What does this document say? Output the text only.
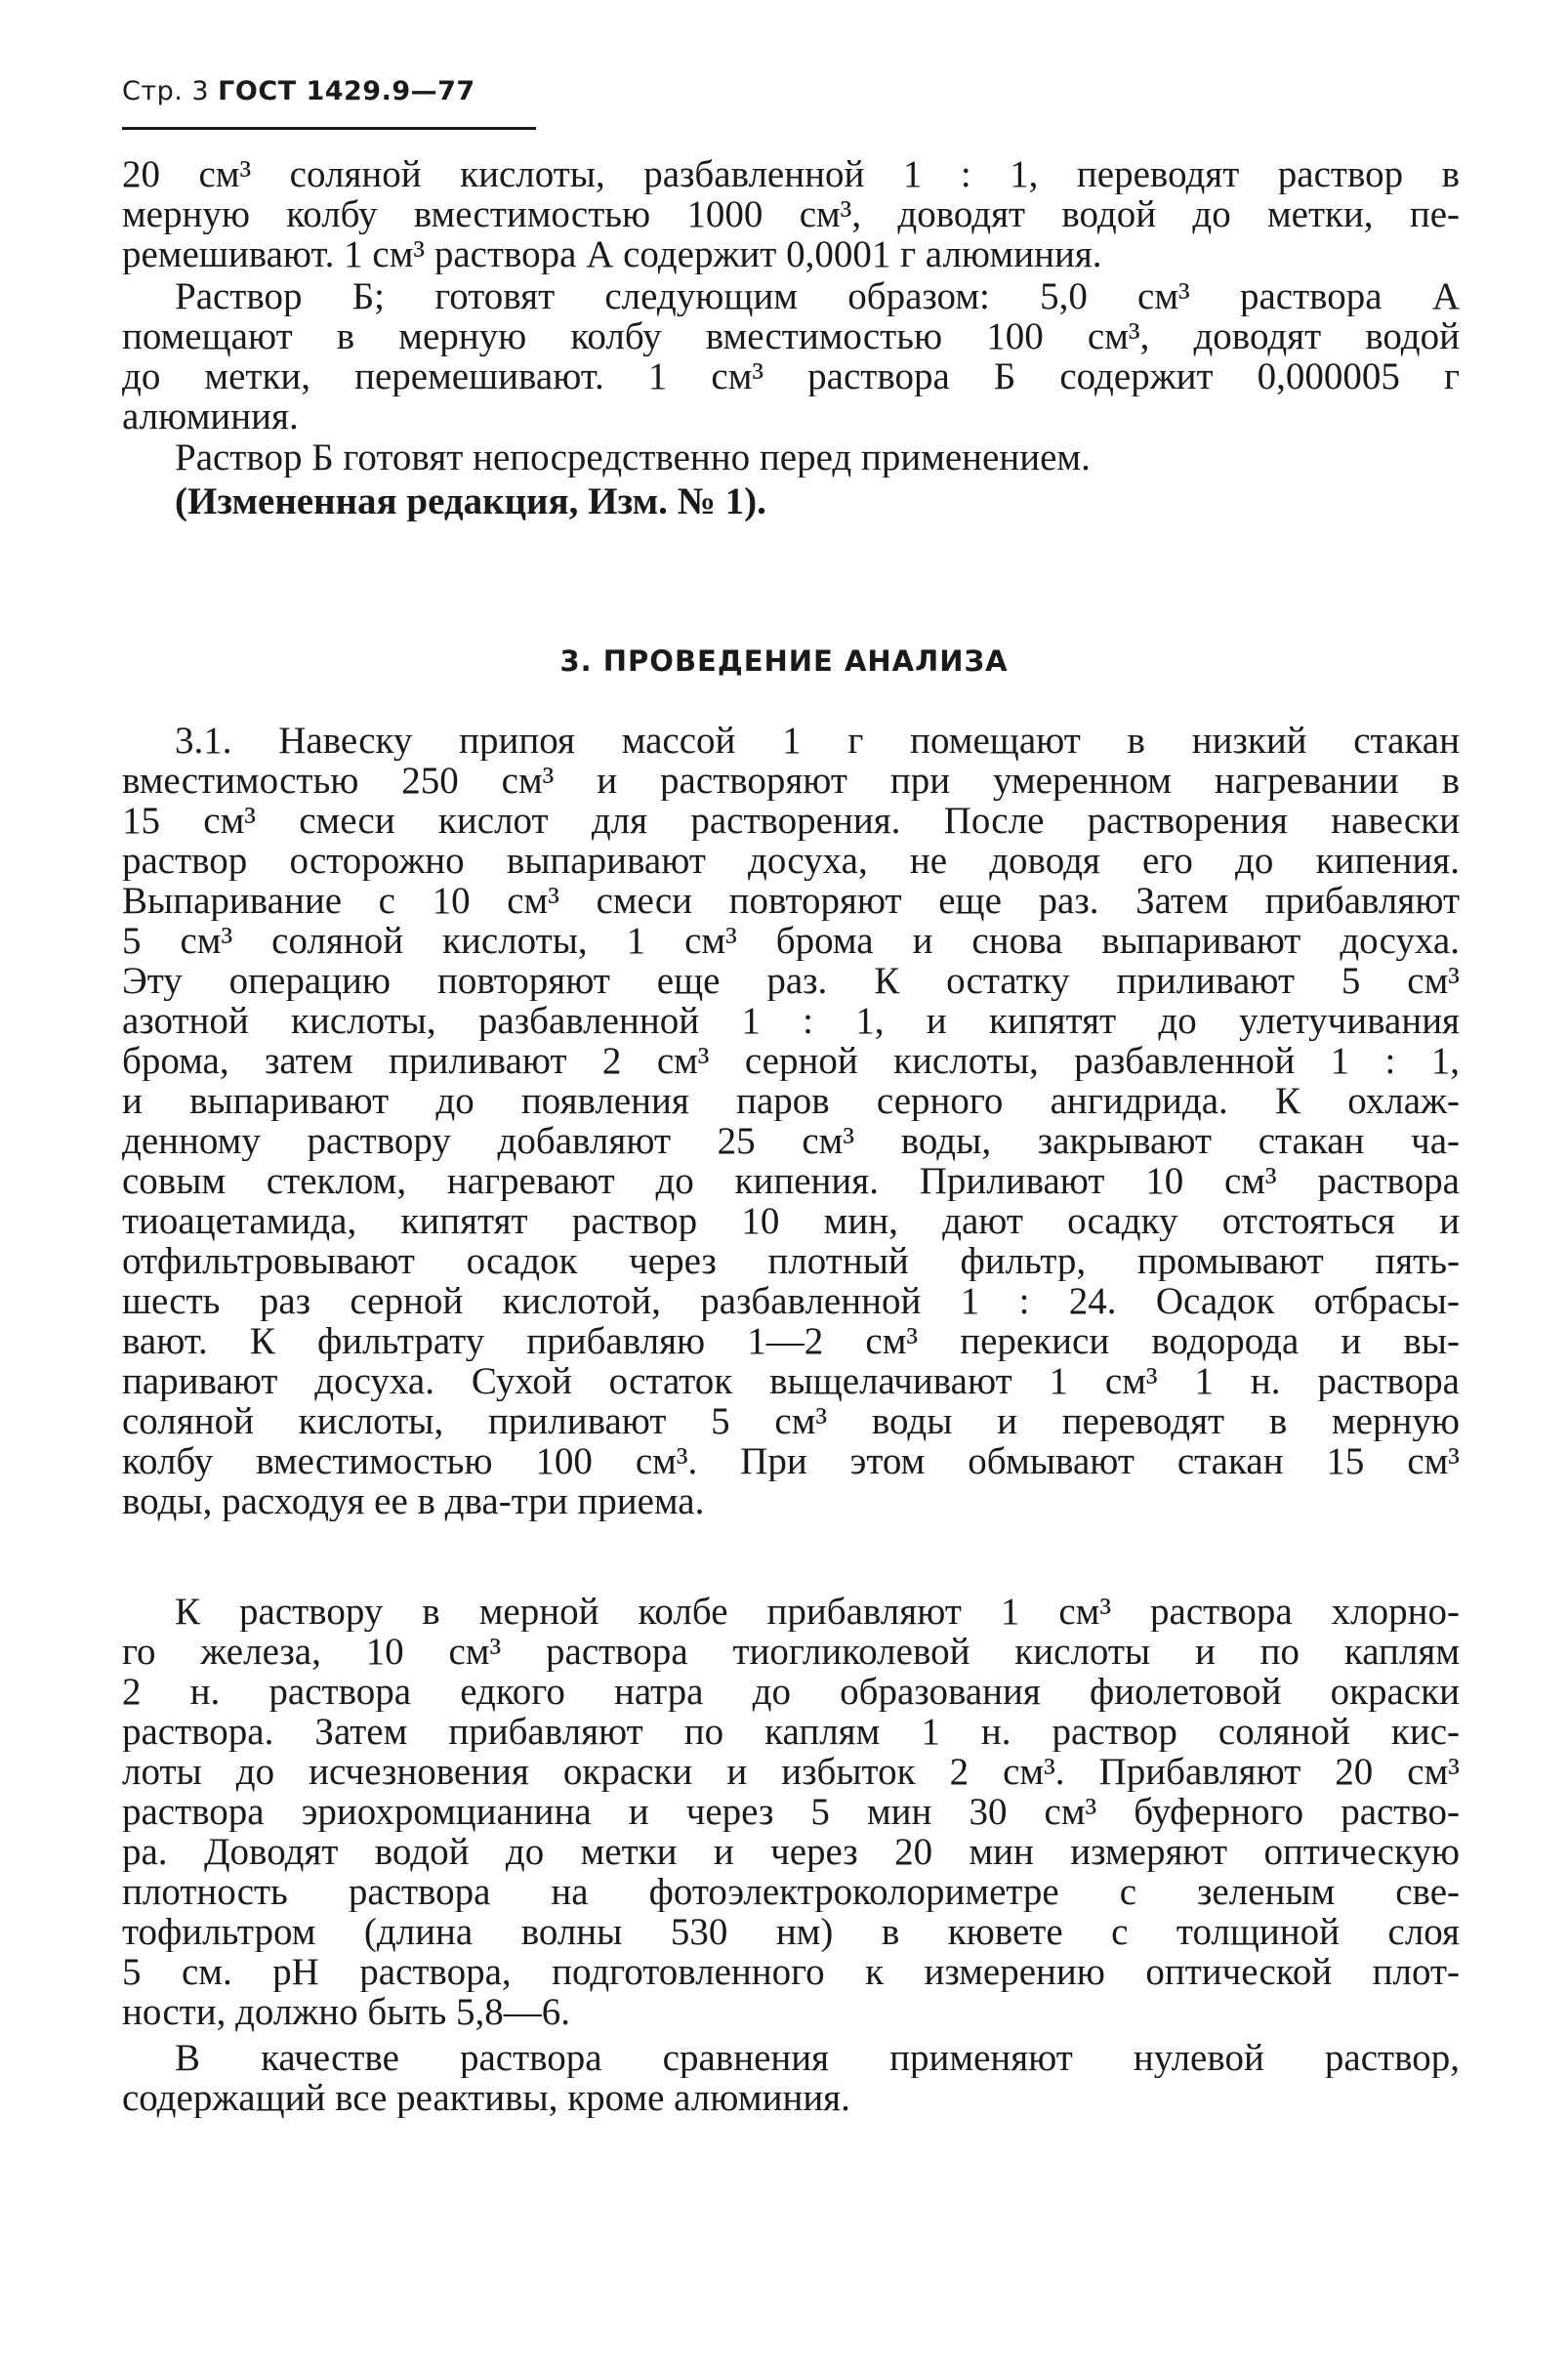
Стр. 3 ГОСТ 1429.9—77
20 см³ соляной кислоты, разбавленной 1 : 1, переводят раствор в
мерную колбу вместимостью 1000 см³, доводят водой до метки, пе-
ремешивают. 1 см³ раствора А содержит 0,0001 г алюминия.
Раствор Б; готовят следующим образом: 5,0 см³ раствора А
помещают в мерную колбу вместимостью 100 см³, доводят водой
до метки, перемешивают. 1 см³ раствора Б содержит 0,000005 г
алюминия.
Раствор Б готовят непосредственно перед применением.
(Измененная редакция, Изм. № 1).
3. ПРОВЕДЕНИЕ АНАЛИЗА
3.1. Навеску припоя массой 1 г помещают в низкий стакан
вместимостью 250 см³ и растворяют при умеренном нагревании в
15 см³ смеси кислот для растворения. После растворения навески
раствор осторожно выпаривают досуха, не доводя его до кипения.
Выпаривание с 10 см³ смеси повторяют еще раз. Затем прибавляют
5 см³ соляной кислоты, 1 см³ брома и снова выпаривают досуха.
Эту операцию повторяют еще раз. К остатку приливают 5 см³
азотной кислоты, разбавленной 1 : 1, и кипятят до улетучивания
брома, затем приливают 2 см³ серной кислоты, разбавленной 1 : 1,
и выпаривают до появления паров серного ангидрида. К охлаж-
денному раствору добавляют 25 см³ воды, закрывают стакан ча-
совым стеклом, нагревают до кипения. Приливают 10 см³ раствора
тиоацетамида, кипятят раствор 10 мин, дают осадку отстояться и
отфильтровывают осадок через плотный фильтр, промывают пять-
шесть раз серной кислотой, разбавленной 1 : 24. Осадок отбрасы-
вают. К фильтрату прибавляю 1—2 см³ перекиси водорода и вы-
паривают досуха. Сухой остаток выщелачивают 1 см³ 1 н. раствора
соляной кислоты, приливают 5 см³ воды и переводят в мерную
колбу вместимостью 100 см³. При этом обмывают стакан 15 см³
воды, расходуя ее в два-три приема.
К раствору в мерной колбе прибавляют 1 см³ раствора хлорно-
го железа, 10 см³ раствора тиогликолевой кислоты и по каплям
2 н. раствора едкого натра до образования фиолетовой окраски
раствора. Затем прибавляют по каплям 1 н. раствор соляной кис-
лоты до исчезновения окраски и избыток 2 см³. Прибавляют 20 см³
раствора эриохромцианина и через 5 мин 30 см³ буферного раство-
ра. Доводят водой до метки и через 20 мин измеряют оптическую
плотность раствора на фотоэлектроколориметре с зеленым све-
тофильтром (длина волны 530 нм) в кювете с толщиной слоя
5 см. pH раствора, подготовленного к измерению оптической плот-
ности, должно быть 5,8—6.
В качестве раствора сравнения применяют нулевой раствор,
содержащий все реактивы, кроме алюминия.
